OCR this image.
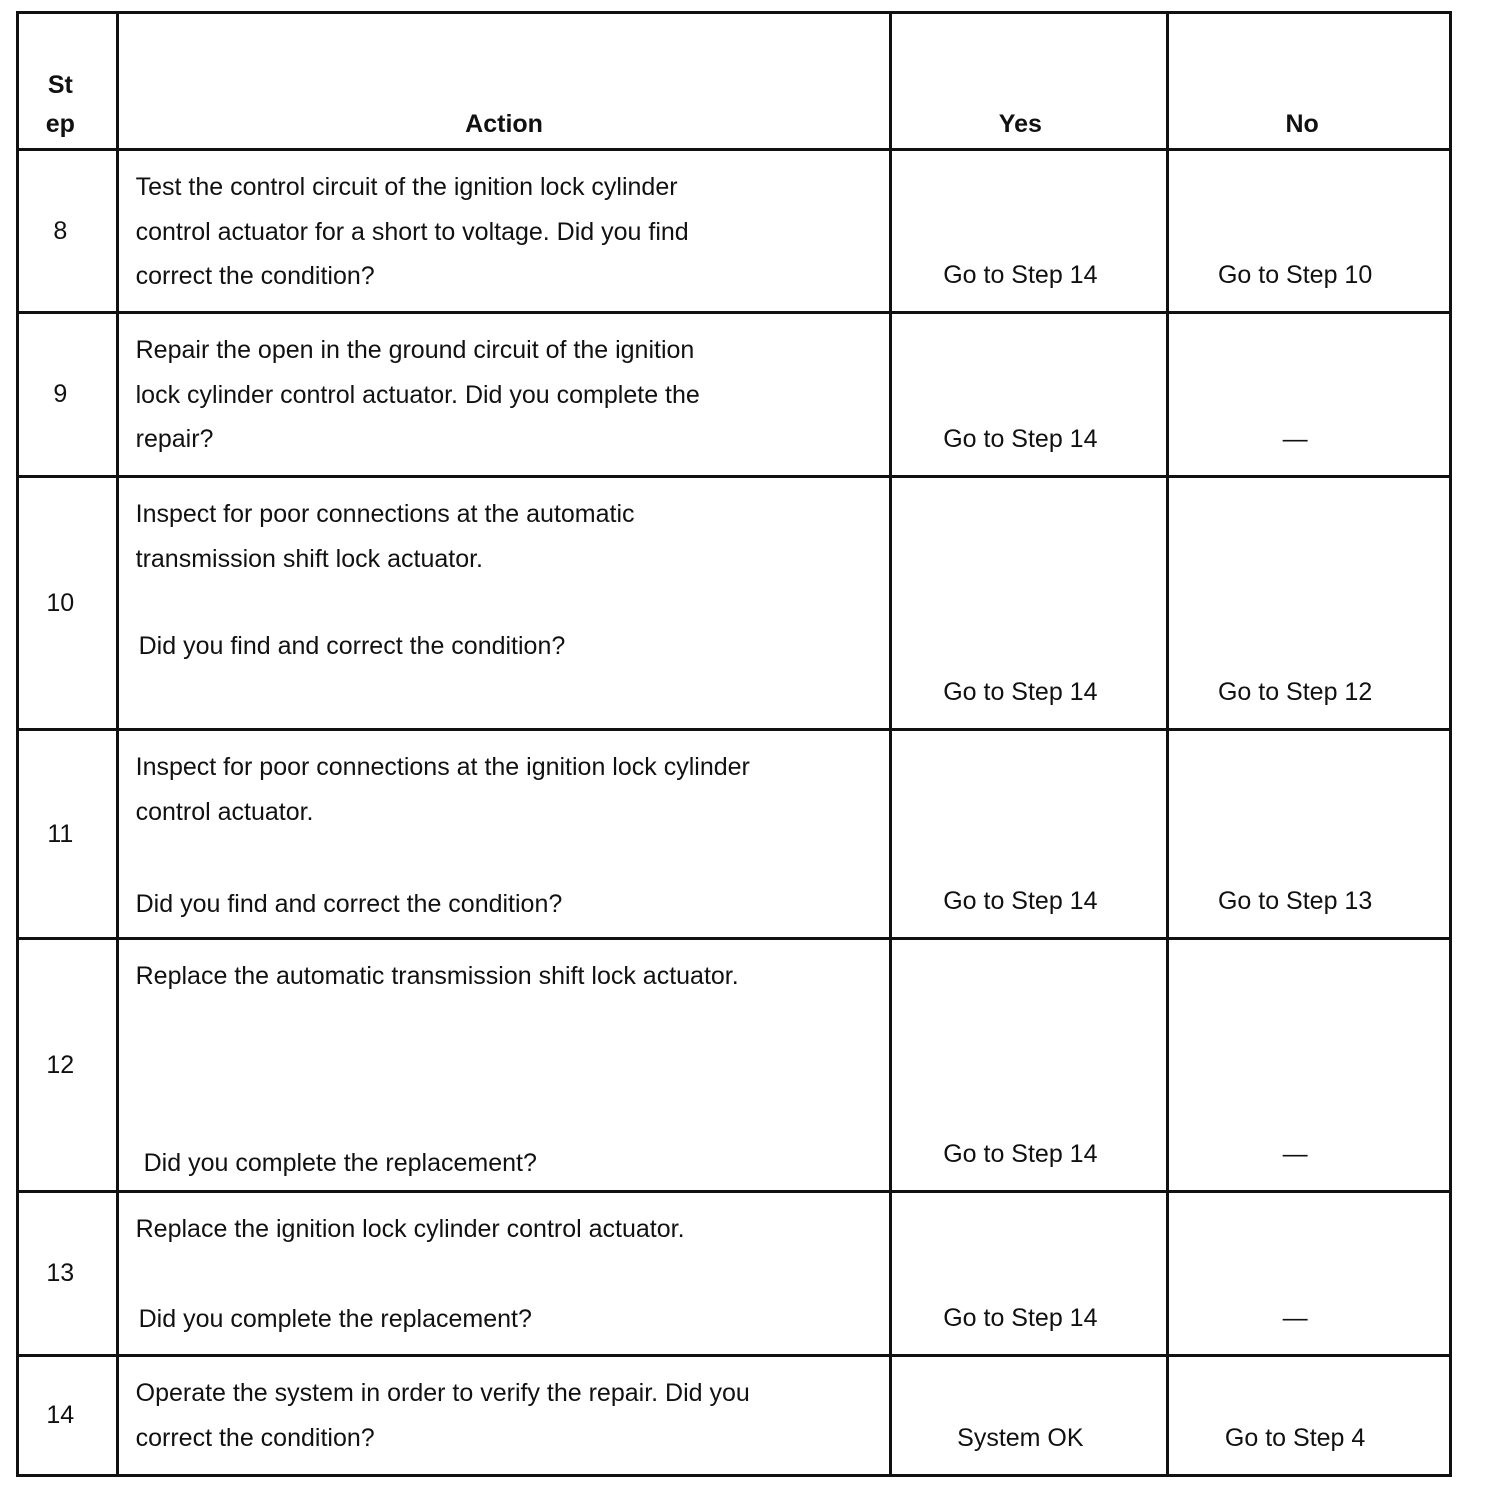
St
ep	Action	Yes	No
8	Test the control circuit of the ignition lock cylinder
control actuator for a short to voltage. Did you find
correct the condition?	Go to Step 14	Go to Step 10
9	Repair the open in the ground circuit of the ignition
lock cylinder control actuator. Did you complete the
repair?	Go to Step 14	—
10	Inspect for poor connections at the automatic
transmission shift lock actuator.
Did you find and correct the condition?	Go to Step 14	Go to Step 12
11	Inspect for poor connections at the ignition lock cylinder
control actuator.
Did you find and correct the condition?	Go to Step 14	Go to Step 13
12	Replace the automatic transmission shift lock actuator.
Did you complete the replacement?	Go to Step 14	—
13	Replace the ignition lock cylinder control actuator.
Did you complete the replacement?	Go to Step 14	—
14	Operate the system in order to verify the repair. Did you
correct the condition?	System OK	Go to Step 4
